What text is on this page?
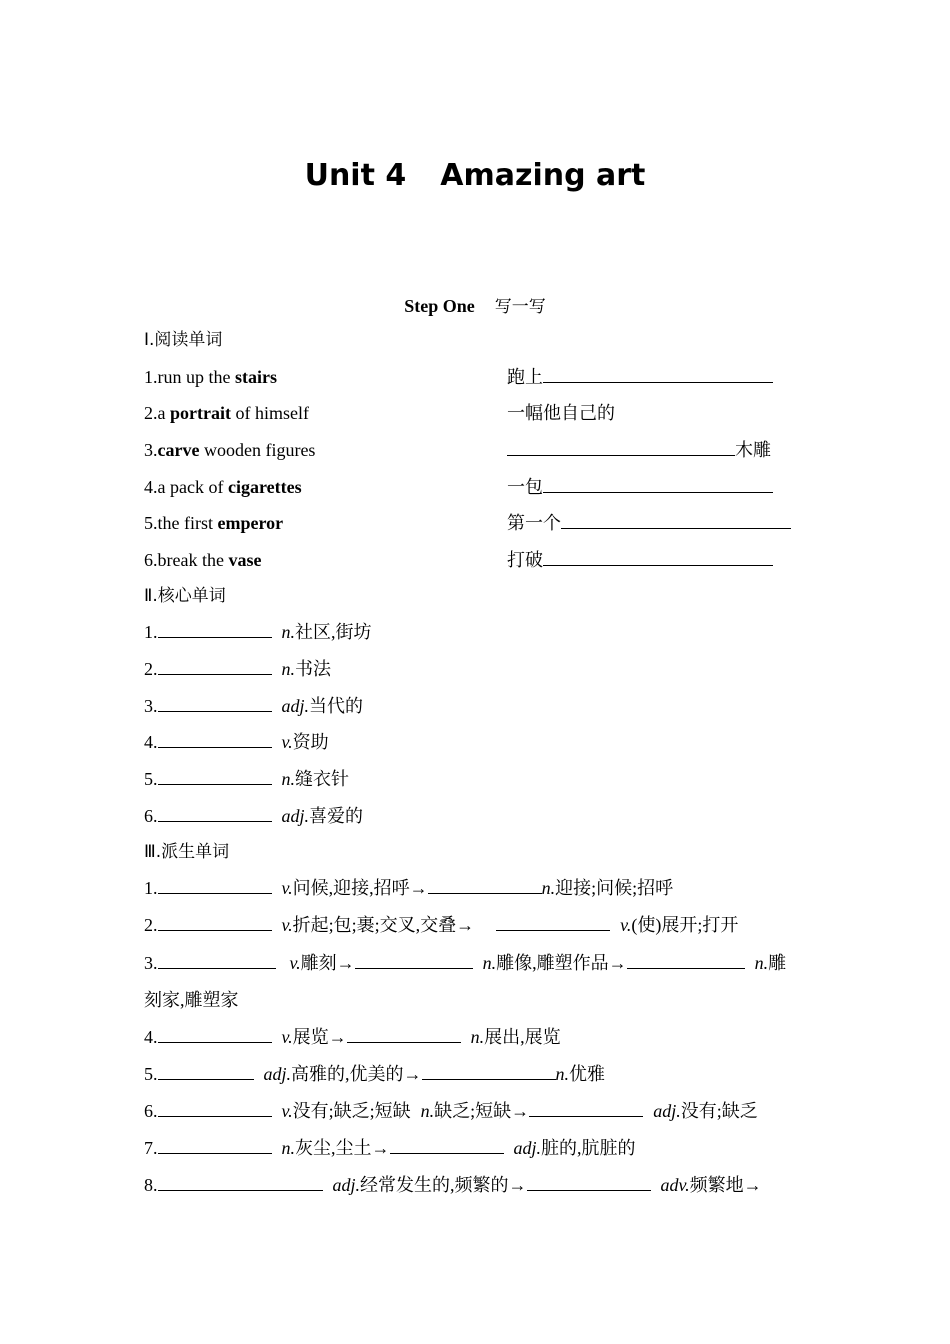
Unit 4 Amazing art
Step One 写一写
Ⅰ.阅读单词
1.run up the stairs	跑上
2.a portrait of himself	一幅他自己的
3.carve wooden figures	木雕
4.a pack of cigarettes	一包
5.the first emperor	第一个
6.break the vase	打破
Ⅱ.核心单词
1.	n.社区,街坊
2.	n.书法
3.	adj.当代的
4.	v.资助
5.	n.缝衣针
6.	adj.喜爱的
Ⅲ.派生单词
1.	v.问候,迎接,招呼→	n.迎接;问候;招呼
2.	v.折起;包;裹;交叉,交叠→	v.(使)展开;打开
3.	v.雕刻→	n.雕像,雕塑作品→	n.雕
刻家,雕塑家
4.	v.展览→	n.展出,展览
5.	adj.高雅的,优美的→	n.优雅
6.	v.没有;缺乏;短缺 n.缺乏;短缺→	adj.没有;缺乏
7.	n.灰尘,尘土→	adj.脏的,肮脏的
8.	adj.经常发生的,频繁的→	adv.频繁地→
